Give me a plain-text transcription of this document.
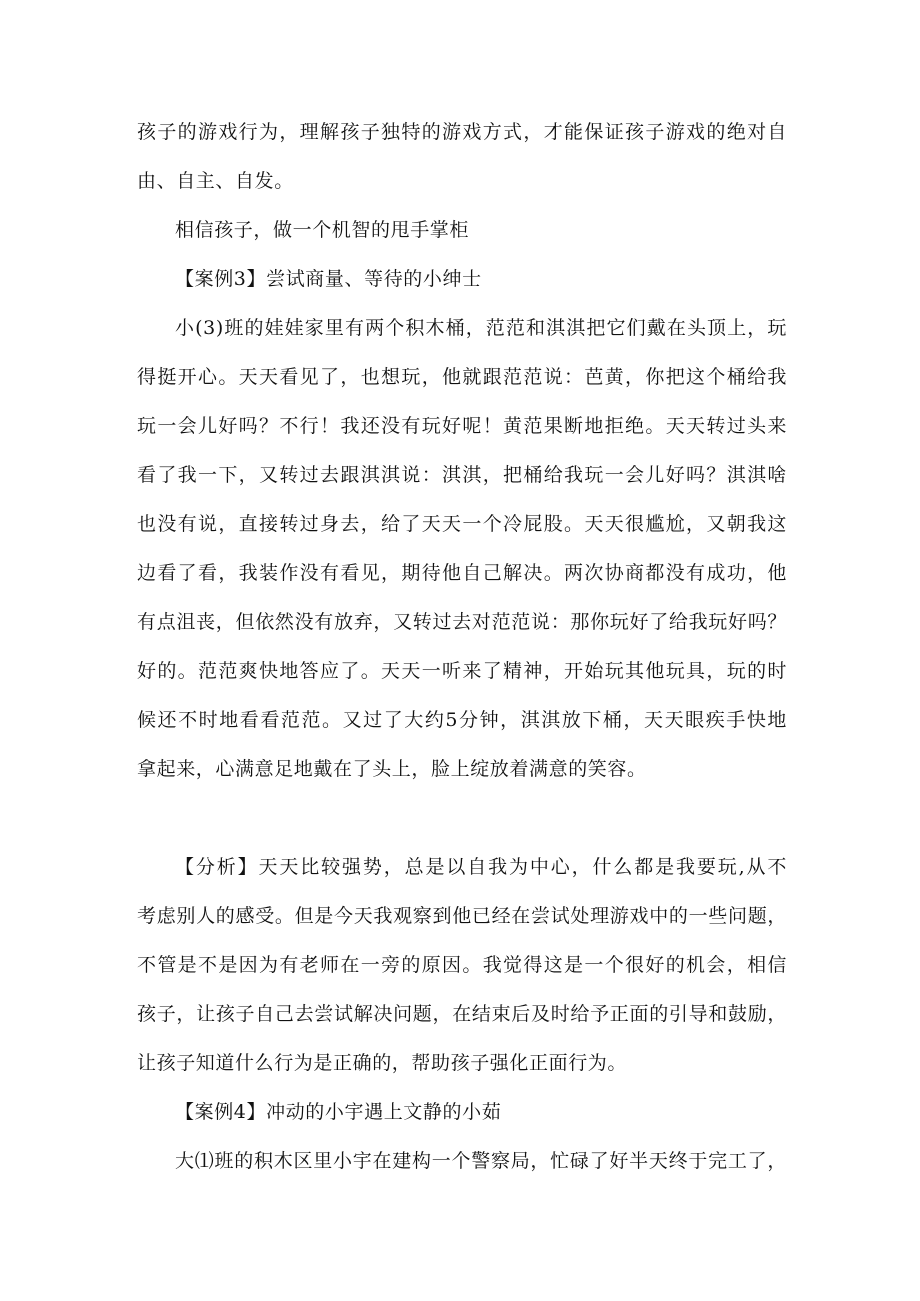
孩子的游戏行为，理解孩子独特的游戏方式，才能保证孩子游戏的绝对自
由、自主、自发。
相信孩子，做一个机智的甩手掌柜
【案例3】尝试商量、等待的小绅士
小(3)班的娃娃家里有两个积木桶，范范和淇淇把它们戴在头顶上，玩
得挺开心。天天看见了，也想玩，他就跟范范说：芭黄，你把这个桶给我
玩一会儿好吗？不行！我还没有玩好呢！黄范果断地拒绝。天天转过头来
看了我一下，又转过去跟淇淇说：淇淇，把桶给我玩一会儿好吗？淇淇啥
也没有说，直接转过身去，给了天天一个冷屁股。天天很尴尬，又朝我这
边看了看，我装作没有看见，期待他自己解决。两次协商都没有成功，他
有点沮丧，但依然没有放弃，又转过去对范范说：那你玩好了给我玩好吗？
好的。范范爽快地答应了。天天一听来了精神，开始玩其他玩具，玩的时
候还不时地看看范范。又过了大约5分钟，淇淇放下桶，天天眼疾手快地
拿起来，心满意足地戴在了头上，脸上绽放着满意的笑容。
【分析】天天比较强势，总是以自我为中心，什么都是我要玩,从不
考虑别人的感受。但是今天我观察到他已经在尝试处理游戏中的一些问题，
不管是不是因为有老师在一旁的原因。我觉得这是一个很好的机会，相信
孩子，让孩子自己去尝试解决问题，在结束后及时给予正面的引导和鼓励，
让孩子知道什么行为是正确的，帮助孩子强化正面行为。
【案例4】冲动的小宇遇上文静的小茹
大⑴班的积木区里小宇在建构一个警察局，忙碌了好半天终于完工了，
